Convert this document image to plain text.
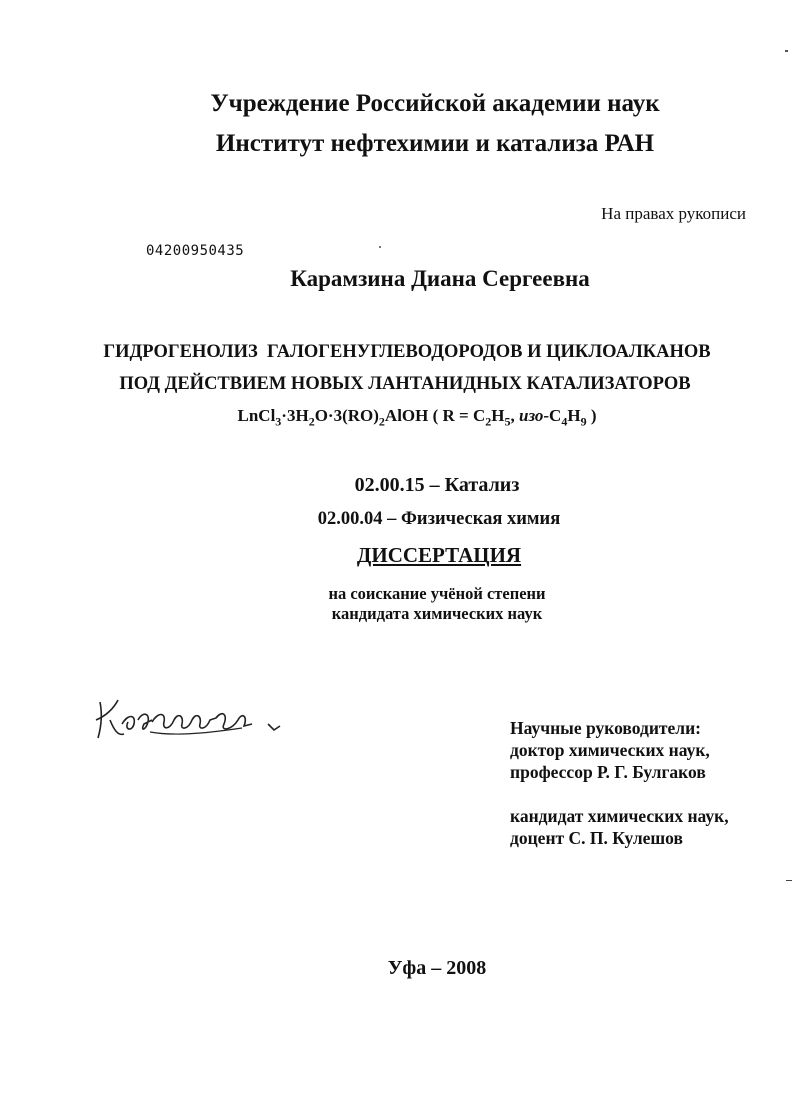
Учреждение Российской академии наук
Институт нефтехимии и катализа РАН
На правах рукописи
04200950435
Карамзина Диана Сергеевна
ГИДРОГЕНОЛИЗ  ГАЛОГЕНУГЛЕВОДОРОДОВ И ЦИКЛОАЛКАНОВ
ПОД ДЕЙСТВИЕМ НОВЫХ ЛАНТАНИДНЫХ КАТАЛИЗАТОРОВ
$LnCl_3\cdot 3H_2O\cdot 3(RO)_2AlOH$ ( $R = C_2H_5$, изо-$C_4H_9$ )
02.00.15 – Катализ
02.00.04 – Физическая химия
ДИССЕРТАЦИЯ
на соискание учёной степени
кандидата химических наук
Научные руководители:
доктор химических наук,
профессор Р. Г. Булгаков
кандидат химических наук,
доцент С. П. Кулешов
Уфа – 2008
